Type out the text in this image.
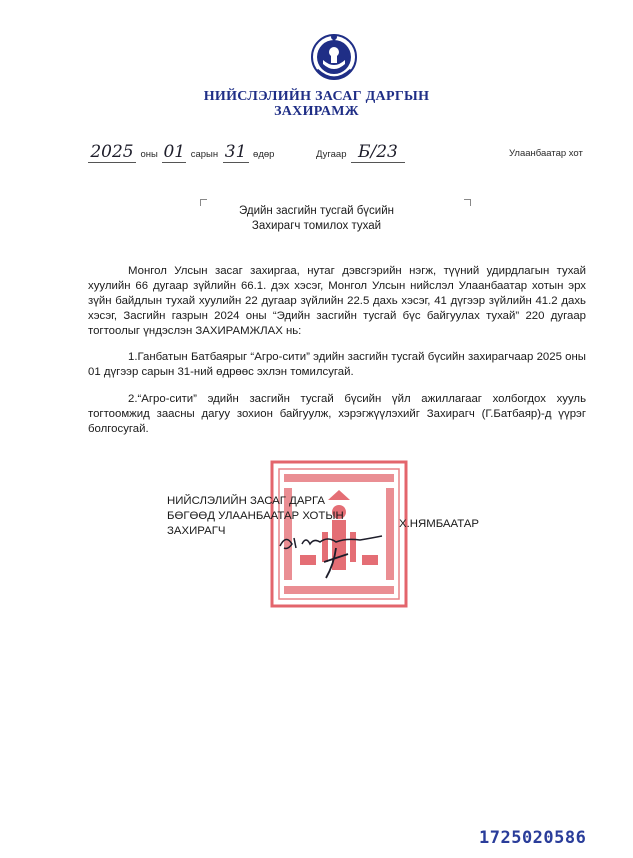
НИЙСЛЭЛИЙН ЗАСАГ ДАРГЫН
ЗАХИРАМЖ
2025 оны 01 сарын 31 өдөр	Дугаар Б/23	Улаанбаатар хот
Эдийн засгийн тусгай бүсийн
Захирагч томилох тухай
Монгол Улсын засаг захиргаа, нутаг дэвсгэрийн нэгж, түүний удирдлагын тухай хуулийн 66 дугаар зүйлийн 66.1. дэх хэсэг, Монгол Улсын нийслэл Улаанбаатар хотын эрх зүйн байдлын тухай хуулийн 22 дугаар зүйлийн 22.5 дахь хэсэг, 41 дүгээр зүйлийн 41.2 дахь хэсэг, Засгийн газрын 2024 оны “Эдийн засгийн тусгай бүс байгуулах тухай” 220 дугаар тогтоолыг үндэслэн ЗАХИРАМЖЛАХ нь:
1.Ганбатын Батбаярыг “Агро-сити” эдийн засгийн тусгай бүсийн захирагчаар 2025 оны 01 дүгээр сарын 31-ний өдрөөс эхлэн томилсугай.
2.“Агро-сити” эдийн засгийн тусгай бүсийн үйл ажиллагааг холбогдох хууль тогтоомжид заасны дагуу зохион байгуулж, хэрэгжүүлэхийг Захирагч (Г.Батбаяр)-д үүрэг болгосугай.
НИЙСЛЭЛИЙН ЗАСАГ ДАРГА
БӨГӨӨД УЛААНБААТАР ХОТЫН
ЗАХИРАГЧ
Х.НЯМБААТАР
1725020586
